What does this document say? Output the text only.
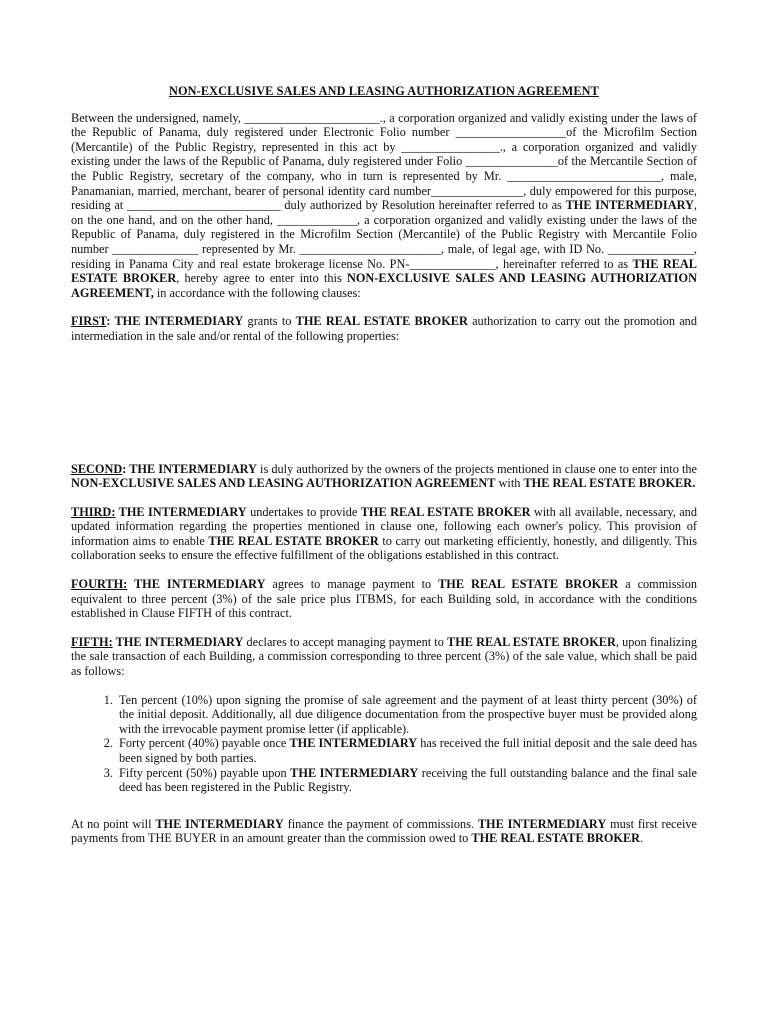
NON-EXCLUSIVE SALES AND LEASING AUTHORIZATION AGREEMENT

Between the undersigned, namely, ______________________., a corporation organized and validly existing under the laws of the Republic of Panama, duly registered under Electronic Folio number __________________of the Microfilm Section (Mercantile) of the Public Registry, represented in this act by ________________., a corporation organized and validly existing under the laws of the Republic of Panama, duly registered under Folio _______________of the Mercantile Section of the Public Registry, secretary of the company, who in turn is represented by Mr. _________________________, male, Panamanian, married, merchant, bearer of personal identity card number_______________, duly empowered for this purpose, residing at _________________________ duly authorized by Resolution hereinafter referred to as THE INTERMEDIARY, on the one hand, and on the other hand, _____________, a corporation organized and validly existing under the laws of the Republic of Panama, duly registered in the Microfilm Section (Mercantile) of the Public Registry with Mercantile Folio number ______________ represented by Mr. _______________________, male, of legal age, with ID No. ______________, residing in Panama City and real estate brokerage license No. PN-______________, hereinafter referred to as THE REAL ESTATE BROKER, hereby agree to enter into this NON-EXCLUSIVE SALES AND LEASING AUTHORIZATION AGREEMENT, in accordance with the following clauses:

FIRST: THE INTERMEDIARY grants to THE REAL ESTATE BROKER authorization to carry out the promotion and intermediation in the sale and/or rental of the following properties:

SECOND: THE INTERMEDIARY is duly authorized by the owners of the projects mentioned in clause one to enter into the NON-EXCLUSIVE SALES AND LEASING AUTHORIZATION AGREEMENT with THE REAL ESTATE BROKER.

THIRD: THE INTERMEDIARY undertakes to provide THE REAL ESTATE BROKER with all available, necessary, and updated information regarding the properties mentioned in clause one, following each owner's policy. This provision of information aims to enable THE REAL ESTATE BROKER to carry out marketing efficiently, honestly, and diligently. This collaboration seeks to ensure the effective fulfillment of the obligations established in this contract.

FOURTH: THE INTERMEDIARY agrees to manage payment to THE REAL ESTATE BROKER a commission equivalent to three percent (3%) of the sale price plus ITBMS, for each Building sold, in accordance with the conditions established in Clause FIFTH of this contract.

FIFTH: THE INTERMEDIARY declares to accept managing payment to THE REAL ESTATE BROKER, upon finalizing the sale transaction of each Building, a commission corresponding to three percent (3%) of the sale value, which shall be paid as follows:

1. Ten percent (10%) upon signing the promise of sale agreement and the payment of at least thirty percent (30%) of the initial deposit. Additionally, all due diligence documentation from the prospective buyer must be provided along with the irrevocable payment promise letter (if applicable).
2. Forty percent (40%) payable once THE INTERMEDIARY has received the full initial deposit and the sale deed has been signed by both parties.
3. Fifty percent (50%) payable upon THE INTERMEDIARY receiving the full outstanding balance and the final sale deed has been registered in the Public Registry.

At no point will THE INTERMEDIARY finance the payment of commissions. THE INTERMEDIARY must first receive payments from THE BUYER in an amount greater than the commission owed to THE REAL ESTATE BROKER.
